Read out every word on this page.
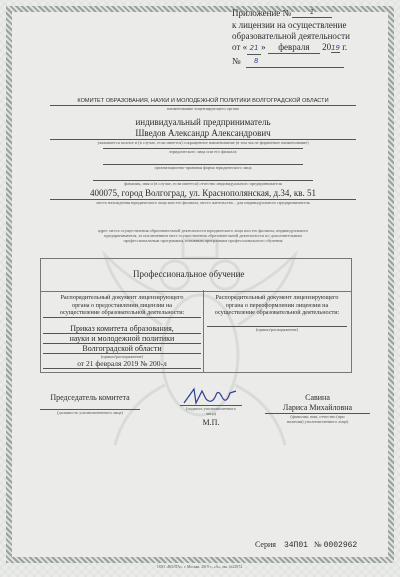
Приложение №	1
к лицензии на осуществление
образовательной деятельности
от « 21 » февраля 2019 г.
№	8
КОМИТЕТ ОБРАЗОВАНИЯ, НАУКИ И МОЛОДЕЖНОЙ ПОЛИТИКИ ВОЛГОГРАДСКОЙ ОБЛАСТИ
наименование лицензирующего органа
индивидуальный предприниматель
Шведов Александр Александрович
указывается полное и (в случае, если имеется) сокращенное наименование (в том числе фирменное наименование)
юридического лица или его филиала
организационно-правовая форма юридического лица
фамилия, имя и (в случае, если имеется) отчество индивидуального предпринимателя
400075, город Волгоград, ул. Краснополянская, д.34, кв. 51
место нахождения юридического лица или его филиала, место жительства – для индивидуального предпринимателя
адрес места осуществления образовательной деятельности юридического лица или его филиала, индивидуального
предпринимателя, за исключением мест осуществления образовательной деятельности по дополнительным
профессиональным программам, основным программам профессионального обучения
Профессиональное обучение
Распорядительный документ лицензирующего
органа о предоставлении лицензии на
осуществление образовательной деятельности:
Приказ комитета образования,
науки и молодежной политики
Волгоградской области
(приказ/распоряжение)
от 21 февраля 2019 № 200-л
Распорядительный документ лицензирующего
органа о переоформлении лицензии на
осуществление образовательной деятельности:
(приказ/распоряжение)
Председатель комитета
(должность уполномоченного лица)
(подпись уполномоченного
лица)
М.П.
Савина
Лариса Михайловна
(фамилия, имя, отчество (при
наличии) уполномоченного лица)
Серия 34П01 № 0002962
ООО «ВОЛГА», г. Москва, 2019 г., «А», зак. №22972.
